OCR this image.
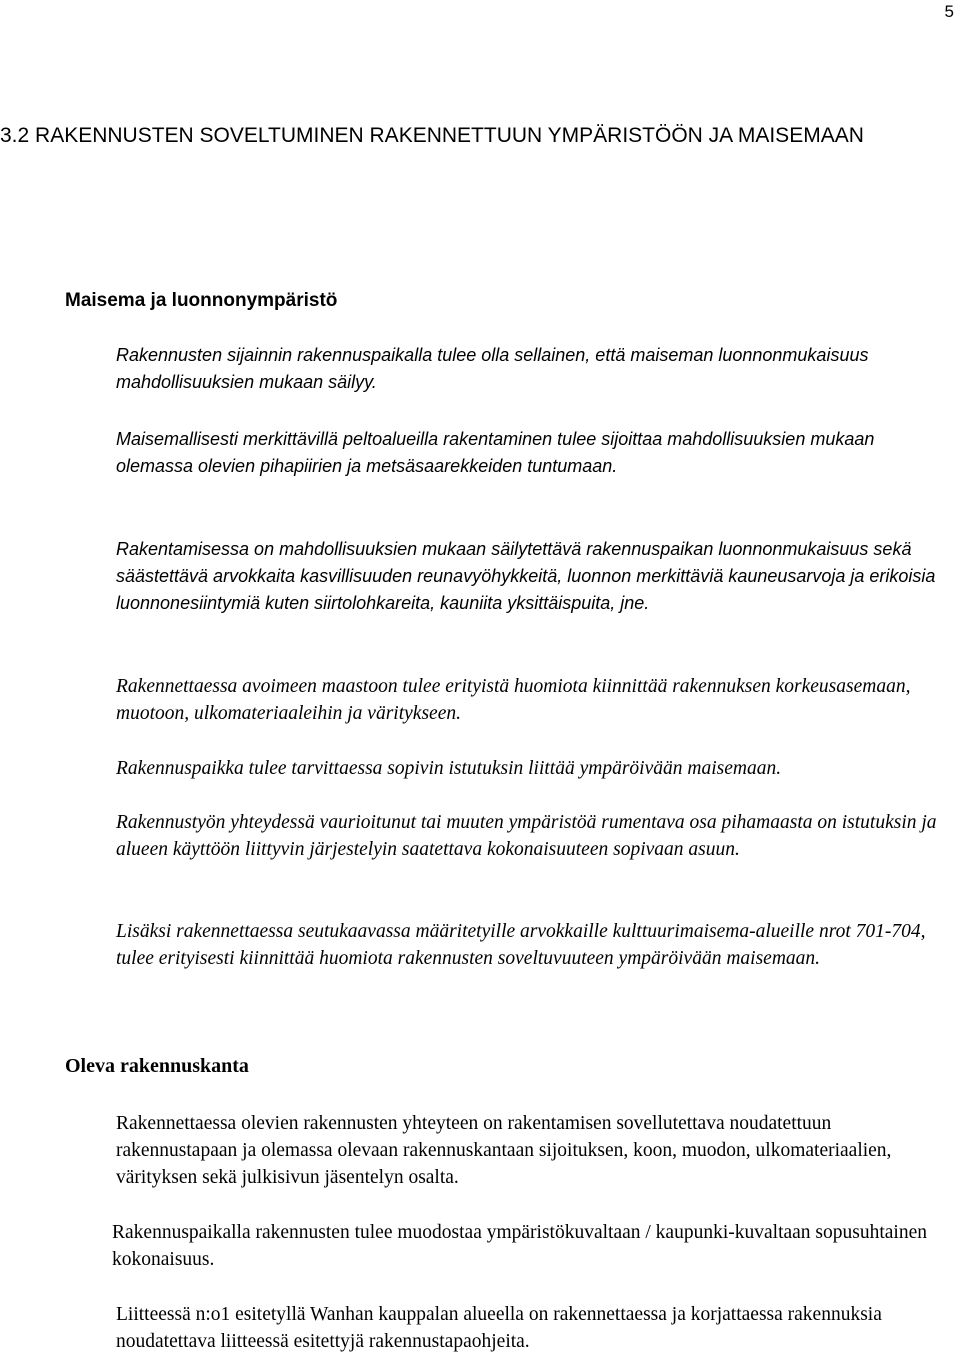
5
3.2 RAKENNUSTEN SOVELTUMINEN RAKENNETTUUN YMPÄRISTÖÖN JA MAISEMAAN
Maisema ja luonnonympäristö

Rakennusten sijainnin rakennuspaikalla tulee olla sellainen, että maiseman luonnonmukaisuus mahdollisuuksien mukaan säilyy.

Maisemallisesti merkittävillä peltoalueilla rakentaminen tulee sijoittaa mahdollisuuksien mukaan olemassa olevien pihapiirien ja metsäsaarekkeiden tuntumaan.

Rakentamisessa on mahdollisuuksien mukaan säilytettävä rakennuspaikan luonnonmukaisuus sekä säästettävä arvokkaita kasvillisuuden reunavyöhykkeitä, luonnon merkittäviä kauneusarvoja ja erikoisia luonnonesiintymiä kuten siirtolohkareita, kauniita yksittäispuita, jne.

Rakennettaessa avoimeen maastoon tulee erityistä huomiota kiinnittää rakennuksen korkeusasemaan, muotoon, ulkomateriaaleihin ja väritykseen.

Rakennuspaikka tulee tarvittaessa sopivin istutuksin liittää ympäröivään maisemaan.

Rakennustyön yhteydessä vaurioitunut tai muuten ympäristöä rumentava osa pihamaasta on istutuksin ja alueen käyttöön liittyvin järjestelyin saatettava kokonaisuuteen sopivaan asuun.

Lisäksi rakennettaessa seutukaavassa määritetyille arvokkaille kulttuurimaisema-alueille nrot 701-704, tulee erityisesti kiinnittää huomiota rakennusten soveltuvuuteen ympäröivään maisemaan.

Oleva rakennuskanta

Rakennettaessa olevien rakennusten yhteyteen on rakentamisen sovellutettava noudatettuun rakennustapaan ja olemassa olevaan rakennuskantaan sijoituksen, koon, muodon, ulkomateriaalien, värityksen sekä julkisivun jäsentelyn osalta.

Rakennuspaikalla rakennusten tulee muodostaa ympäristökuvaltaan / kaupunki-kuvaltaan sopusuhtainen kokonaisuus.

Liitteessä n:o1 esitetyllä Wanhan kauppalan alueella on rakennettaessa ja korjattaessa rakennuksia noudatettava liitteessä esitettyjä rakennustapaohjeita.
